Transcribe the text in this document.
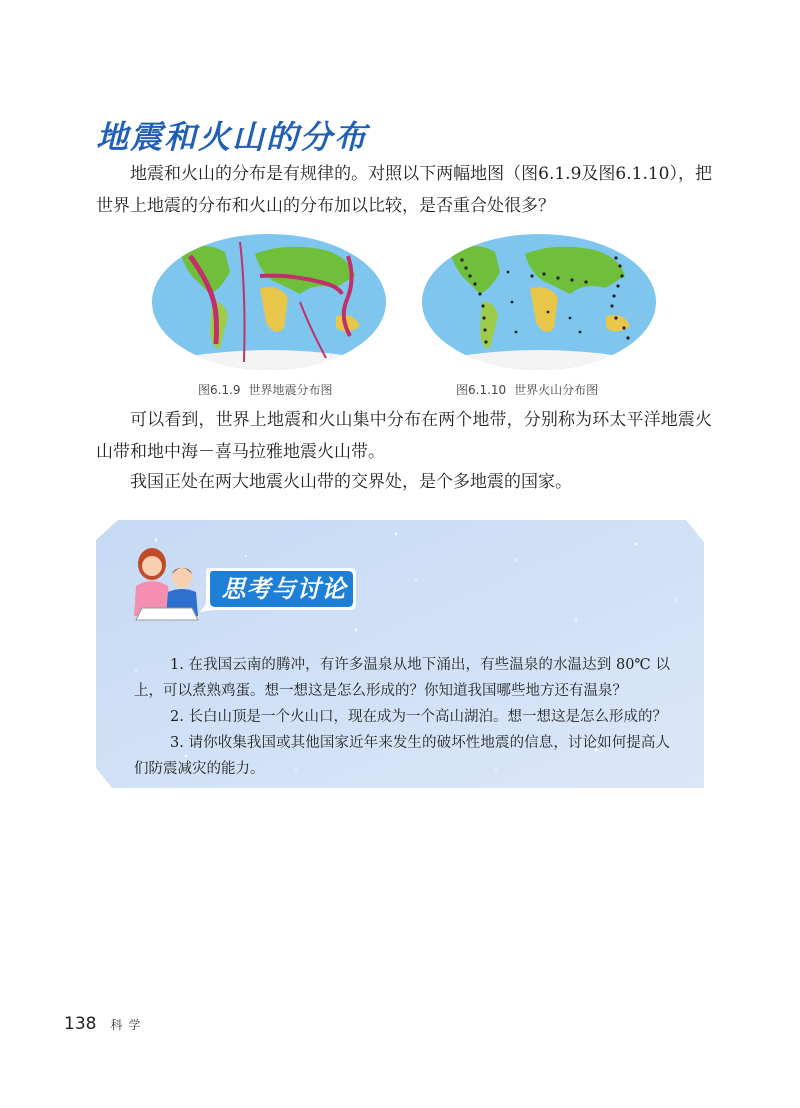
地震和火山的分布

地震和火山的分布是有规律的。对照以下两幅地图（图6.1.9及图6.1.10），把世界上地震的分布和火山的分布加以比较，是否重合处很多？

图6.1.9 世界地震分布图	图6.1.10 世界火山分布图

可以看到，世界上地震和火山集中分布在两个地带，分别称为环太平洋地震火山带和地中海－喜马拉雅地震火山带。

我国正处在两大地震火山带的交界处，是个多地震的国家。

思考与讨论

1. 在我国云南的腾冲，有许多温泉从地下涌出，有些温泉的水温达到 80℃ 以上，可以煮熟鸡蛋。想一想这是怎么形成的？你知道我国哪些地方还有温泉？

2. 长白山顶是一个火山口，现在成为一个高山湖泊。想一想这是怎么形成的？

3. 请你收集我国或其他国家近年来发生的破坏性地震的信息，讨论如何提高人们防震减灾的能力。

138 科学
